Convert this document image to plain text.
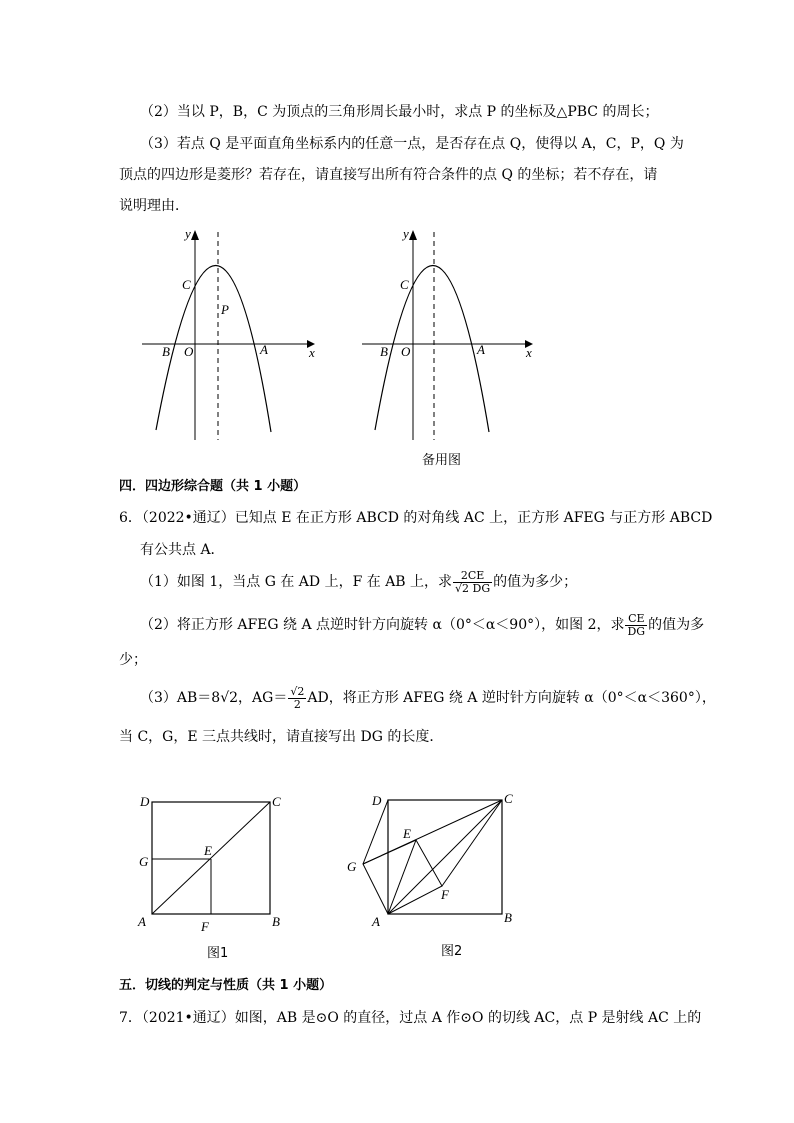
（2）当以 P，B，C 为顶点的三角形周长最小时，求点 P 的坐标及△PBC 的周长；
（3）若点 Q 是平面直角坐标系内的任意一点，是否存在点 Q，使得以 A，C，P，Q 为
顶点的四边形是菱形？若存在，请直接写出所有符合条件的点 Q 的坐标；若不存在，请
说明理由．
y
C
P
B O	A	x
y
C
B O	A	x
备用图
四．四边形综合题（共 1 小题）
6．（2022•通辽）已知点 E 在正方形 ABCD 的对角线 AC 上，正方形 AFEG 与正方形 ABCD
有公共点 A．
（1）如图 1，当点 G 在 AD 上，F 在 AB 上，求 $\frac{2CE}{√2 DG}$ 的值为多少；
（2）将正方形 AFEG 绕 A 点逆时针方向旋转 α（0°＜α＜90°），如图 2，求 $\frac{CE}{DG}$ 的值为多
少；
（3）AB＝8√2，$AG= \frac{√2}{2}$ AD，将正方形 AFEG 绕 A 逆时针方向旋转 α（0°＜α＜360°），
当 C，G，E 三点共线时，请直接写出 DG 的长度．
D	C
G
E
A	F	B
图1
D	C
E
G
F
A	B
图2
五．切线的判定与性质（共 1 小题）
7．（2021•通辽）如图，AB 是⊙O 的直径，过点 A 作⊙O 的切线 AC，点 P 是射线 AC 上的
